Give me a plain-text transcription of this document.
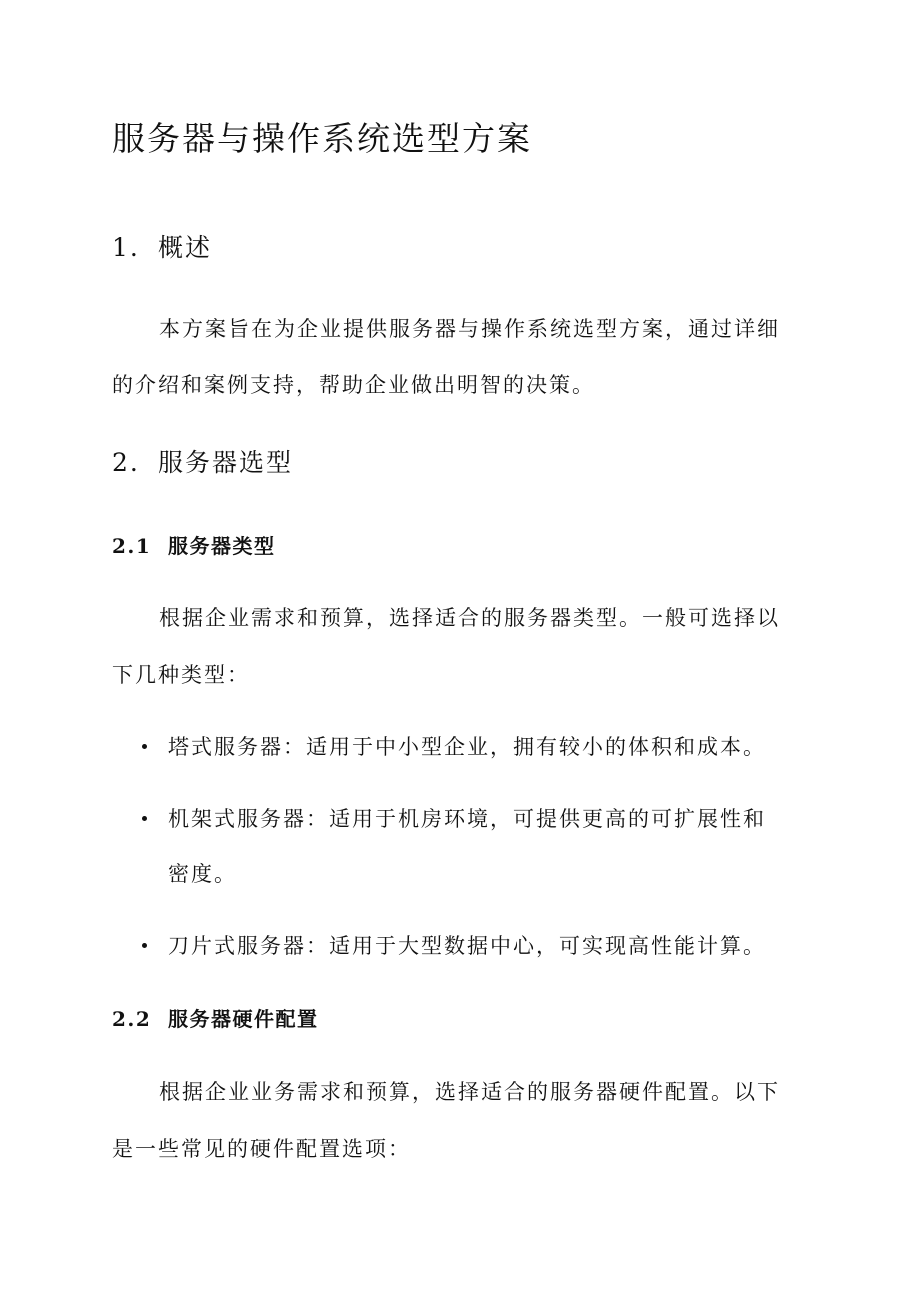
服务器与操作系统选型方案
1. 概述

本方案旨在为企业提供服务器与操作系统选型方案，通过详细

的介绍和案例支持，帮助企业做出明智的决策。

2. 服务器选型
2.1 服务器类型

根据企业需求和预算，选择适合的服务器类型。一般可选择以

下几种类型：

塔式服务器：适用于中小型企业，拥有较小的体积和成本。

机架式服务器：适用于机房环境，可提供更高的可扩展性和

密度。

刀片式服务器：适用于大型数据中心，可实现高性能计算。

2.2 服务器硬件配置

根据企业业务需求和预算，选择适合的服务器硬件配置。以下

是一些常见的硬件配置选项：
